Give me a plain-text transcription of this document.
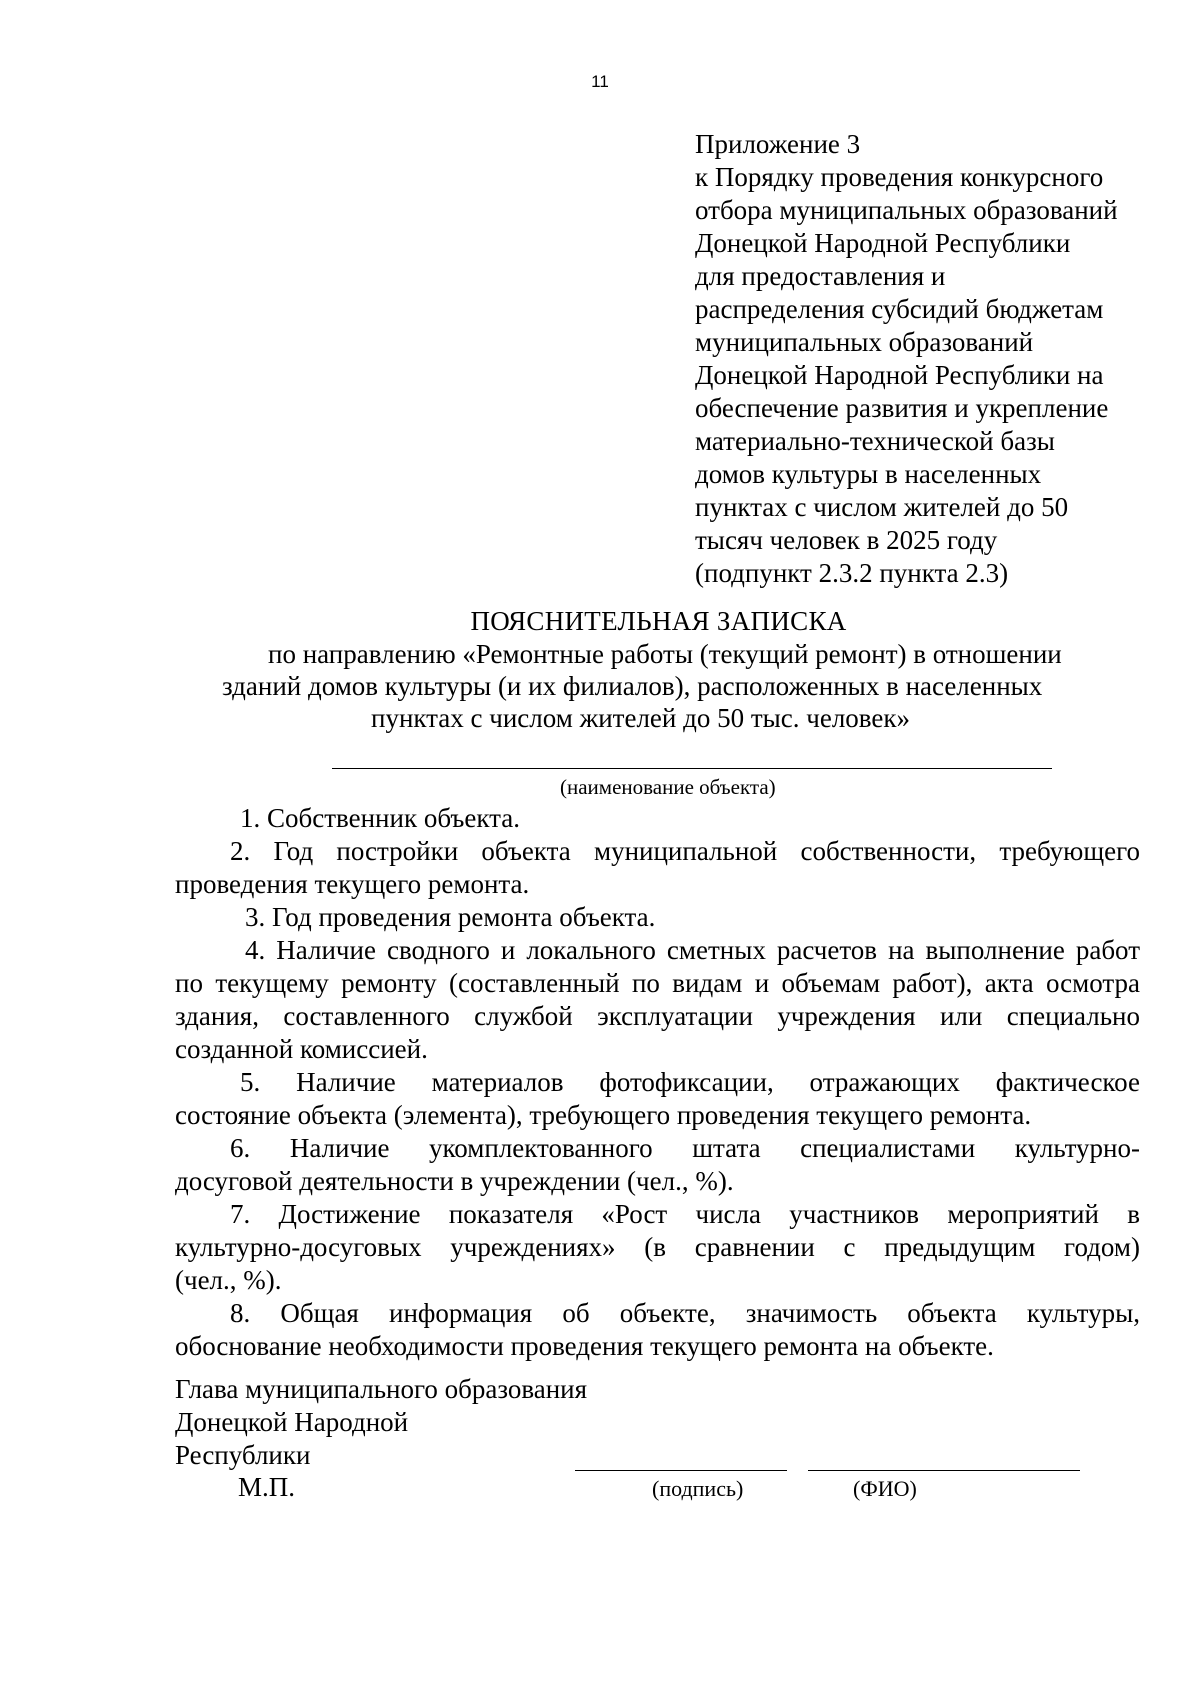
11
Приложение 3
к Порядку проведения конкурсного
отбора муниципальных образований
Донецкой Народной Республики
для предоставления и
распределения субсидий бюджетам
муниципальных образований
Донецкой Народной Республики на
обеспечение развития и укрепление
материально-технической базы
домов культуры в населенных
пунктах с числом жителей до 50
тысяч человек в 2025 году
(подпункт 2.3.2 пункта 2.3)
ПОЯСНИТЕЛЬНАЯ ЗАПИСКА
по направлению «Ремонтные работы (текущий ремонт) в отношении
зданий домов культуры (и их филиалов), расположенных в населенных
пунктах с числом жителей до 50 тыс. человек»
(наименование объекта)
1. Собственник объекта.
2. Год постройки объекта муниципальной собственности, требующего
проведения текущего ремонта.
3. Год проведения ремонта объекта.
4. Наличие сводного и локального сметных расчетов на выполнение работ
по текущему ремонту (составленный по видам и объемам работ), акта осмотра
здания, составленного службой эксплуатации учреждения или специально
созданной комиссией.
5. Наличие материалов фотофиксации, отражающих фактическое
состояние объекта (элемента), требующего проведения текущего ремонта.
6. Наличие укомплектованного штата специалистами культурно-
досуговой деятельности в учреждении (чел., %).
7. Достижение показателя «Рост числа участников мероприятий в
культурно-досуговых учреждениях» (в сравнении с предыдущим годом)
(чел., %).
8. Общая информация об объекте, значимость объекта культуры,
обоснование необходимости проведения текущего ремонта на объекте.
Глава муниципального образования
Донецкой Народной
Республики
М.П.	(подпись)	(ФИО)
